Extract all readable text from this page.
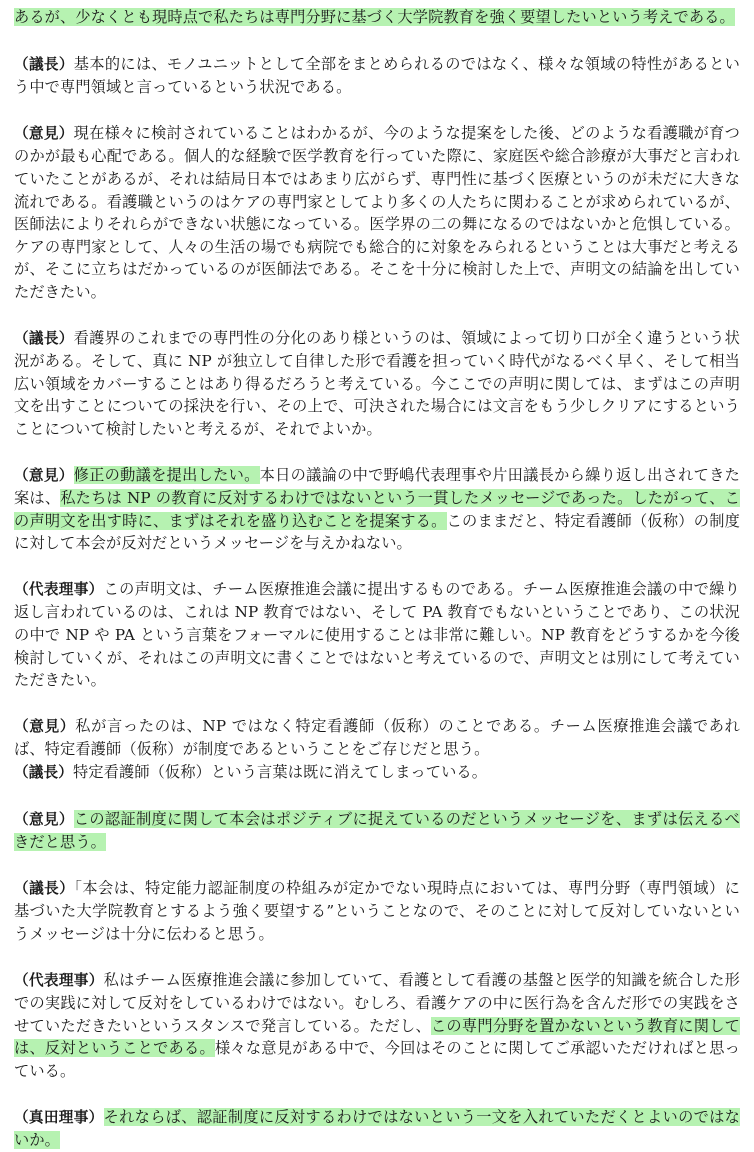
あるが、少なくとも現時点で私たちは専門分野に基づく大学院教育を強く要望したいという考えである。

（議長）基本的には、モノユニットとして全部をまとめられるのではなく、様々な領域の特性があるという中で専門領域と言っているという状況である。

（意見）現在様々に検討されていることはわかるが、今のような提案をした後、どのような看護職が育つのかが最も心配である。個人的な経験で医学教育を行っていた際に、家庭医や総合診療が大事だと言われていたことがあるが、それは結局日本ではあまり広がらず、専門性に基づく医療というのが未だに大きな流れである。看護職というのはケアの専門家としてより多くの人たちに関わることが求められているが、医師法によりそれらができない状態になっている。医学界の二の舞になるのではないかと危惧している。ケアの専門家として、人々の生活の場でも病院でも総合的に対象をみられるということは大事だと考えるが、そこに立ちはだかっているのが医師法である。そこを十分に検討した上で、声明文の結論を出していただきたい。

（議長）看護界のこれまでの専門性の分化のあり様というのは、領域によって切り口が全く違うという状況がある。そして、真に NP が独立して自律した形で看護を担っていく時代がなるべく早く、そして相当広い領域をカバーすることはあり得るだろうと考えている。今ここでの声明に関しては、まずはこの声明文を出すことについての採決を行い、その上で、可決された場合には文言をもう少しクリアにするということについて検討したいと考えるが、それでよいか。

（意見）修正の動議を提出したい。本日の議論の中で野嶋代表理事や片田議長から繰り返し出されてきた案は、私たちは NP の教育に反対するわけではないという一貫したメッセージであった。したがって、この声明文を出す時に、まずはそれを盛り込むことを提案する。このままだと、特定看護師（仮称）の制度に対して本会が反対だというメッセージを与えかねない。

（代表理事）この声明文は、チーム医療推進会議に提出するものである。チーム医療推進会議の中で繰り返し言われているのは、これは NP 教育ではない、そして PA 教育でもないということであり、この状況の中で NP や PA という言葉をフォーマルに使用することは非常に難しい。NP 教育をどうするかを今後検討していくが、それはこの声明文に書くことではないと考えているので、声明文とは別にして考えていただきたい。

（意見）私が言ったのは、NP ではなく特定看護師（仮称）のことである。チーム医療推進会議であれば、特定看護師（仮称）が制度であるということをご存じだと思う。

（議長）特定看護師（仮称）という言葉は既に消えてしまっている。

（意見）この認証制度に関して本会はポジティブに捉えているのだというメッセージを、まずは伝えるべきだと思う。

（議長）「本会は、特定能力認証制度の枠組みが定かでない現時点においては、専門分野（専門領域）に基づいた大学院教育とするよう強く要望する”ということなので、そのことに対して反対していないというメッセージは十分に伝わると思う。

（代表理事）私はチーム医療推進会議に参加していて、看護として看護の基盤と医学的知識を統合した形での実践に対して反対をしているわけではない。むしろ、看護ケアの中に医行為を含んだ形での実践をさせていただきたいというスタンスで発言している。ただし、この専門分野を置かないという教育に関しては、反対ということである。様々な意見がある中で、今回はそのことに関してご承認いただければと思っている。

（真田理事）それならば、認証制度に反対するわけではないという一文を入れていただくとよいのではないか。
